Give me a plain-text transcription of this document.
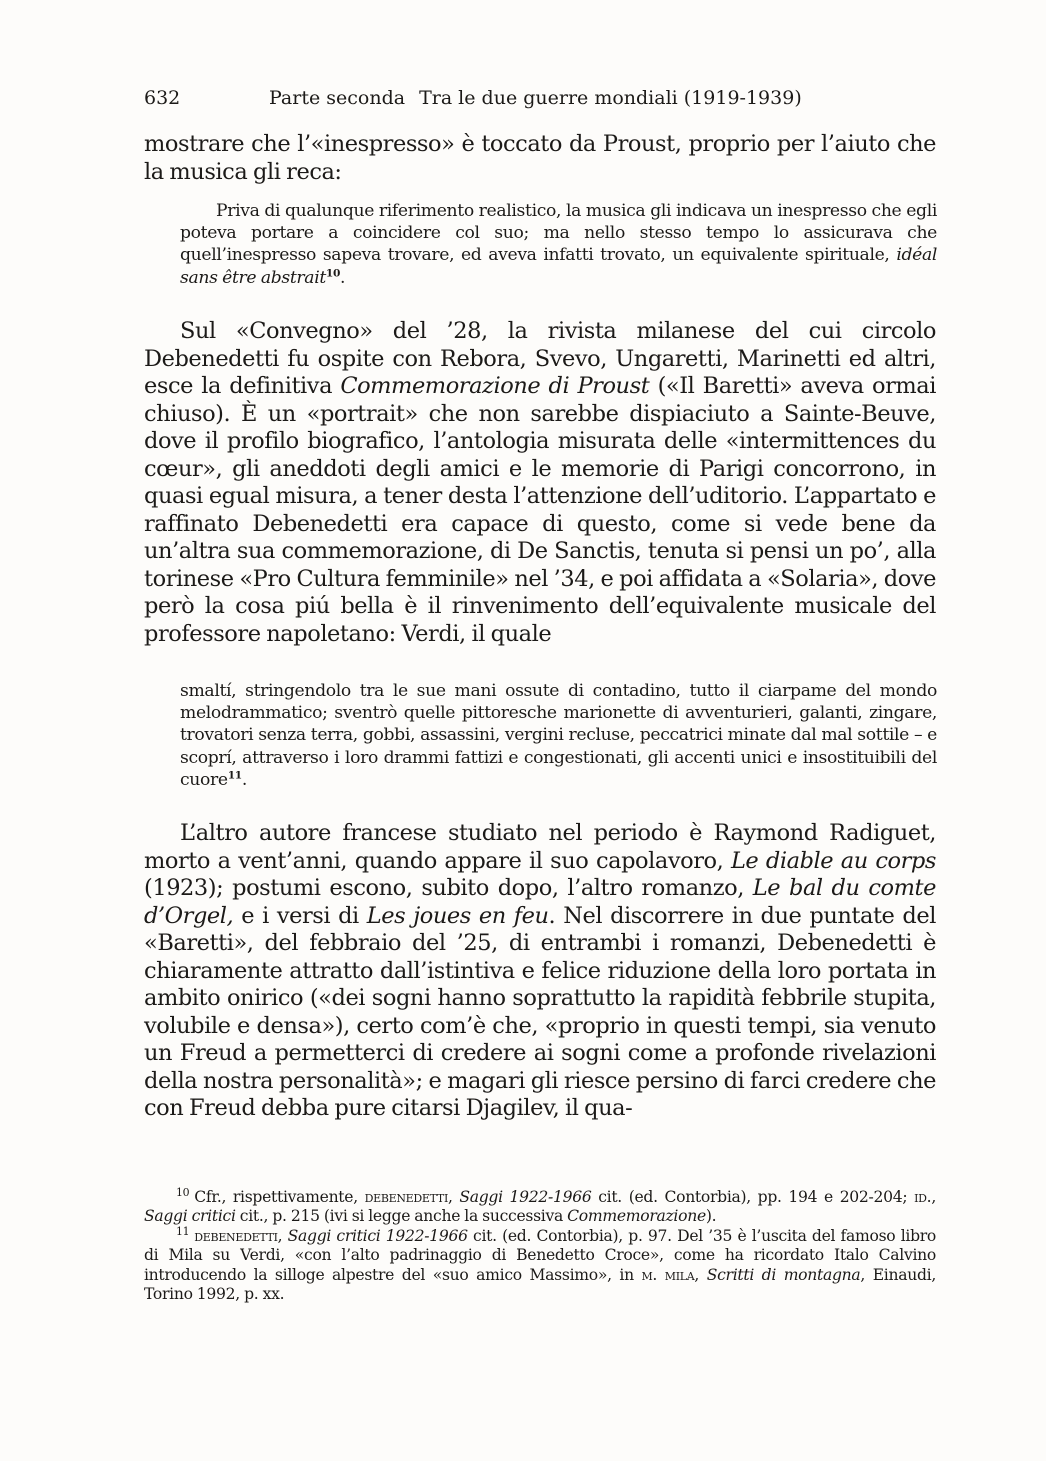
632	Parte seconda Tra le due guerre mondiali (1919-1939)

mostrare che l’«inespresso» è toccato da Proust, proprio per l’aiuto che la musica gli reca:

Priva di qualunque riferimento realistico, la musica gli indicava un inespresso che egli poteva portare a coincidere col suo; ma nello stesso tempo lo assicurava che quell’inespresso sapeva trovare, ed aveva infatti trovato, un equivalente spirituale, idéal sans être abstrait$^{10}$.

Sul «Convegno» del ’28, la rivista milanese del cui circolo Debenedetti fu ospite con Rebora, Svevo, Ungaretti, Marinetti ed altri, esce la definitiva Commemorazione di Proust («Il Baretti» aveva ormai chiuso). È un «portrait» che non sarebbe dispiaciuto a Sainte-Beuve, dove il profilo biografico, l’antologia misurata delle «intermittences du cœur», gli aneddoti degli amici e le memorie di Parigi concorrono, in quasi egual misura, a tener desta l’attenzione dell’uditorio. L’appartato e raffinato Debenedetti era capace di questo, come si vede bene da un’altra sua commemorazione, di De Sanctis, tenuta si pensi un po’, alla torinese «Pro Cultura femminile» nel ’34, e poi affidata a «Solaria», dove però la cosa piú bella è il rinvenimento dell’equivalente musicale del professore napoletano: Verdi, il quale

smaltí, stringendolo tra le sue mani ossute di contadino, tutto il ciarpame del mondo melodrammatico; sventrò quelle pittoresche marionette di avventurieri, galanti, zingare, trovatori senza terra, gobbi, assassini, vergini recluse, peccatrici minate dal mal sottile – e scoprí, attraverso i loro drammi fattizi e congestionati, gli accenti unici e insostituibili del cuore$^{11}$.

L’altro autore francese studiato nel periodo è Raymond Radiguet, morto a vent’anni, quando appare il suo capolavoro, Le diable au corps (1923); postumi escono, subito dopo, l’altro romanzo, Le bal du comte d’Orgel, e i versi di Les joues en feu. Nel discorrere in due puntate del «Baretti», del febbraio del ’25, di entrambi i romanzi, Debenedetti è chiaramente attratto dall’istintiva e felice riduzione della loro portata in ambito onirico («dei sogni hanno soprattutto la rapidità febbrile stupita, volubile e densa»), certo com’è che, «proprio in questi tempi, sia venuto un Freud a permetterci di credere ai sogni come a profonde rivelazioni della nostra personalità»; e magari gli riesce persino di farci credere che con Freud debba pure citarsi Djagilev, il qua-

$^{10}$ Cfr., rispettivamente, debenedetti, Saggi 1922-1966 cit. (ed. Contorbia), pp. 194 e 202-204; id., Saggi critici cit., p. 215 (ivi si legge anche la successiva Commemorazione).

$^{11}$ debenedetti, Saggi critici 1922-1966 cit. (ed. Contorbia), p. 97. Del ’35 è l’uscita del famoso libro di Mila su Verdi, «con l’alto padrinaggio di Benedetto Croce», come ha ricordato Italo Calvino introducendo la silloge alpestre del «suo amico Massimo», in m. mila, Scritti di montagna, Einaudi, Torino 1992, p. xx.
